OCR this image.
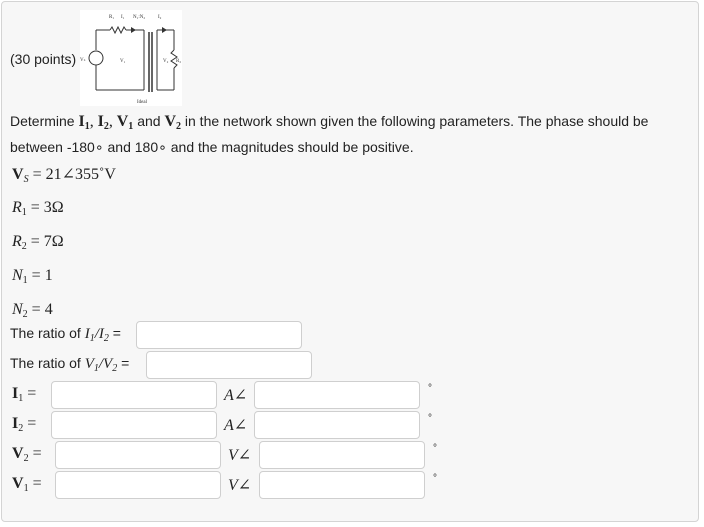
(30 points)
R₁ I₁ N₁:N₂	I₂
Vₛ	V₁	V₂ R₂
Ideal
Determine $I_1$, $I_2$, $V_1$ and $V_2$ in the network shown given the following parameters. The phase should be
between -180∘ and 180∘ and the magnitudes should be positive.
$V_S$ = 21∠355˚V
$R_1 = 3\Omega$
$R_2 = 7\Omega$
$N_1 = 1$
$N_2 = 4$
The ratio of $I_1/I_2$ =
The ratio of $V_1/V_2$ =
$I_1$ =	A∠	°
$I_2$ =	A∠	°
$V_2$ =	V∠	°
$V_1$ =	V∠	°
